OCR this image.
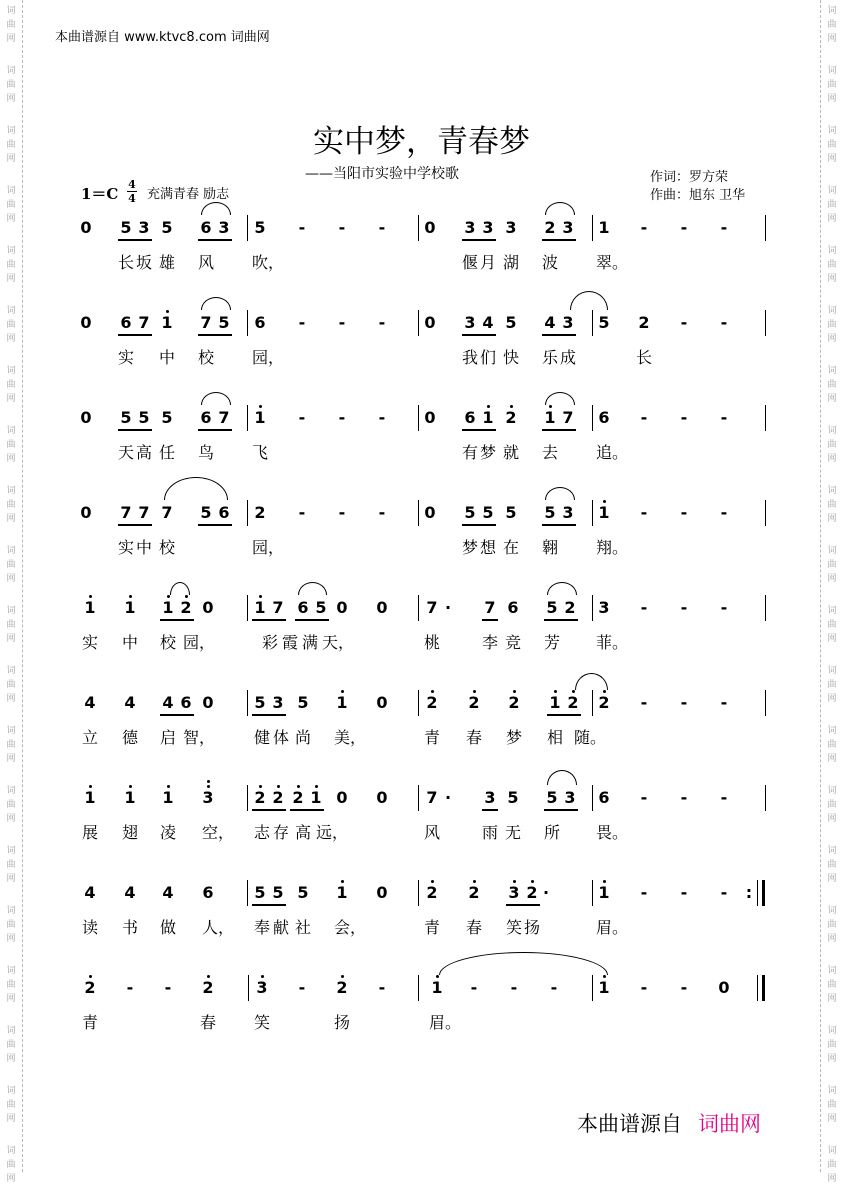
词
曲
网
词
曲
网
词
曲
网
词
曲
网
词
曲
网
词
曲
网
词
曲
网
词
曲
网
词
曲
网
词
曲
网
词
曲
网
词
曲
网
词
曲
网
词
曲
网
词
曲
网
词
曲
网
词
曲
网
词
曲
网
词
曲
网
词
曲
网
词
曲
网
词
曲
网
词
曲
网
词
曲
网
词
曲
网
词
曲
网
词
曲
网
词
曲
网
词
曲
网
词
曲
网
词
曲
网
词
曲
网
词
曲
网
词
曲
网
词
曲
网
词
曲
网
词
曲
网
词
曲
网
词
曲
网
词
曲
网
本曲谱源自 www.ktvc8.com 词曲网
实中梦，青春梦
——当阳市实验中学校歌	作词：罗方荣
作曲：旭东 卫华
1＝C
4
4 充满青春 励志
0 5 3 5 6 3 5 - - - 0 3 3 3 2 3 1 - - -
长 坂 雄 风 吹，	偃 月 湖 波 翠。
0 6 7 1 7 5 6 - - - 0 3 4 5 4 3 5 2 - -
实 中 校 园，	我 们 快 乐 成	长
0 5 5 5 6 7 1 - - - 0 6 1 2 1 7 6 - - -
天 高 任 鸟 飞	有 梦 就 去 追。
0 7 7 7 5 6 2 - - - 0 5 5 5 5 3 1 - - -
实 中 校	园，	梦 想 在 翱 翔。
1 1 1 2 0	1 7 6 5 0 0 7 · 7 6 5 2 3 - - -
实 中 校 园，	彩 霞 满 天，	桃	李 竞 芳 菲。
4 4 4 6 0	5 3 5 1 0 2 2 2 1 2 2 - - -
立 德 启 智， 健 体 尚 美，	青 春 梦 相 随。
1 1 1 3	2 2 2 1 0 0 7 · 3 5 5 3 6 - - -
展 翅 凌 空， 志 存 高 远，	风	雨 无 所 畏。
4 4 4 6	5 5 5 1 0 2 2 3 2 ·	1 - - - :
读 书 做 人， 奉 献 社 会，	青 春 笑 扬	眉。
2 - - 2	3 - 2 -	1 - - -	1 - - 0
青	春 笑	扬	眉。
本曲谱源自 词曲网
